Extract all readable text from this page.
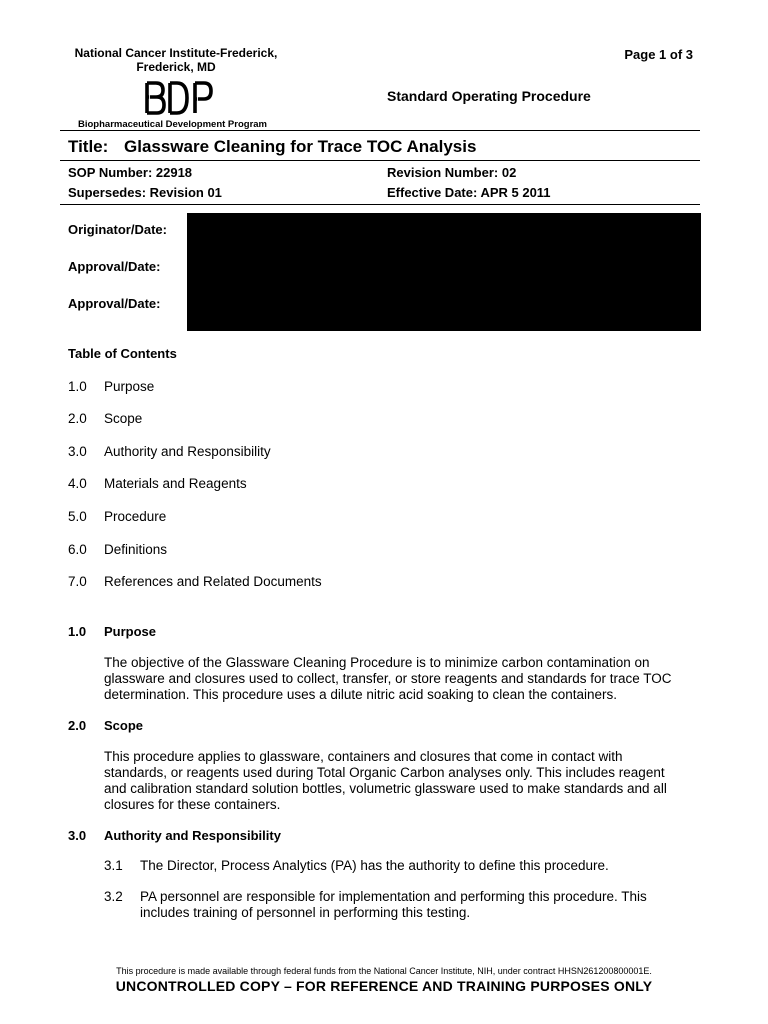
National Cancer Institute-Frederick,
Frederick, MD
Page 1 of 3
Biopharmaceutical Development Program
Standard Operating Procedure
Title: Glassware Cleaning for Trace TOC Analysis
SOP Number: 22918	Revision Number: 02
Supersedes: Revision 01	Effective Date: APR 5 2011
Originator/Date:
Approval/Date:
Approval/Date:
Table of Contents
1.0 Purpose
2.0 Scope
3.0 Authority and Responsibility
4.0 Materials and Reagents
5.0 Procedure
6.0 Definitions
7.0 References and Related Documents
1.0 Purpose
The objective of the Glassware Cleaning Procedure is to minimize carbon contamination on
glassware and closures used to collect, transfer, or store reagents and standards for trace TOC
determination. This procedure uses a dilute nitric acid soaking to clean the containers.
2.0 Scope
This procedure applies to glassware, containers and closures that come in contact with
standards, or reagents used during Total Organic Carbon analyses only. This includes reagent
and calibration standard solution bottles, volumetric glassware used to make standards and all
closures for these containers.
3.0 Authority and Responsibility
3.1 The Director, Process Analytics (PA) has the authority to define this procedure.
3.2 PA personnel are responsible for implementation and performing this procedure. This
includes training of personnel in performing this testing.
This procedure is made available through federal funds from the National Cancer Institute, NIH, under contract HHSN261200800001E.
UNCONTROLLED COPY – FOR REFERENCE AND TRAINING PURPOSES ONLY
